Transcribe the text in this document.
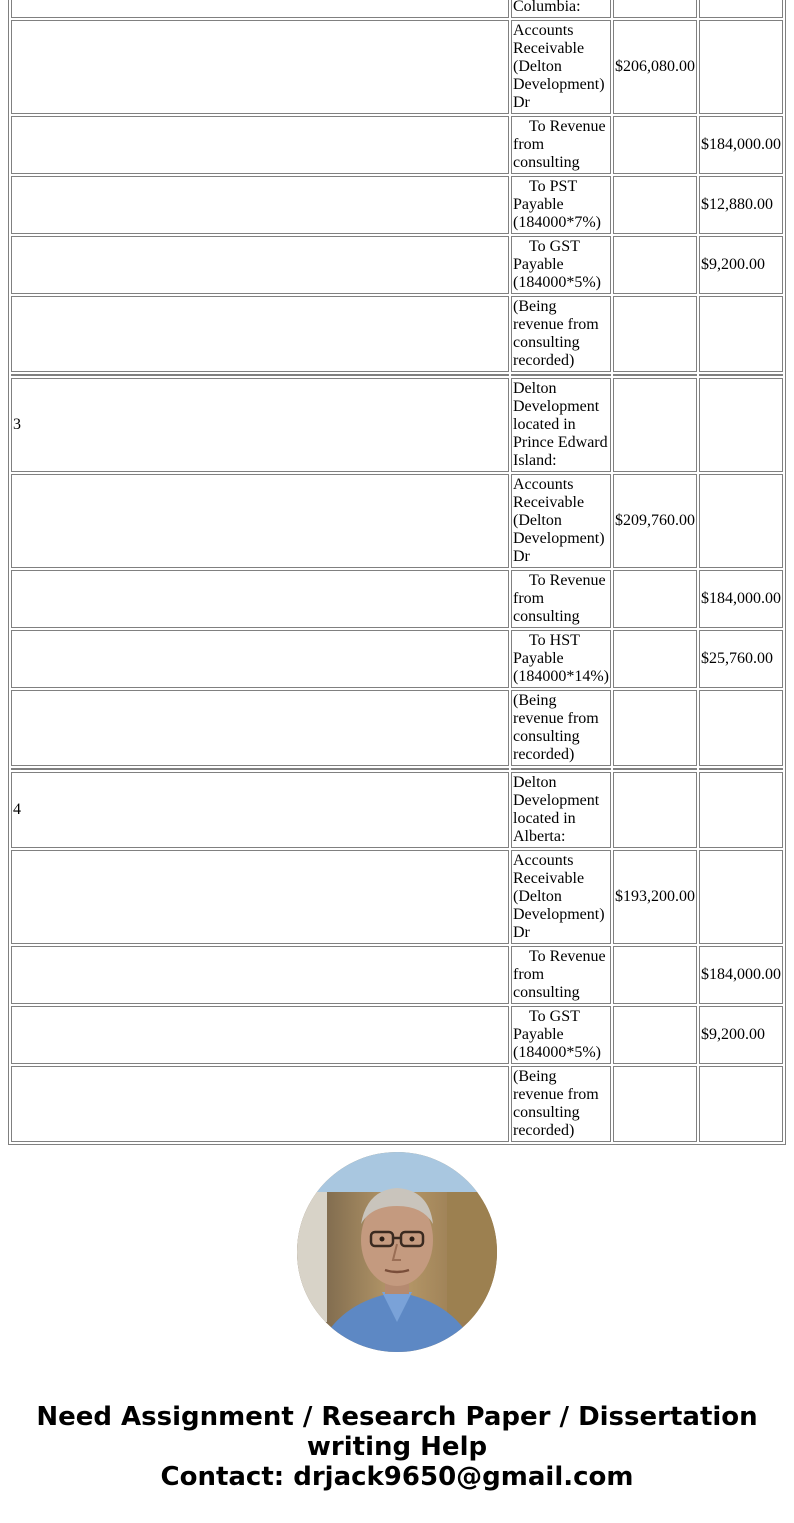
	Columbia:		
	Accounts Receivable (Delton Development) Dr	$206,080.00	
	To Revenue from consulting		$184,000.00
	To PST Payable (184000*7%)		$12,880.00
	To GST Payable (184000*5%)		$9,200.00
	(Being revenue from consulting recorded)		

3	Delton Development located in Prince Edward Island:		
	Accounts Receivable (Delton Development) Dr	$209,760.00	
	To Revenue from consulting		$184,000.00
	To HST Payable (184000*14%)		$25,760.00
	(Being revenue from consulting recorded)		

4	Delton Development located in Alberta:		
	Accounts Receivable (Delton Development) Dr	$193,200.00	
	To Revenue from consulting		$184,000.00
	To GST Payable (184000*5%)		$9,200.00
	(Being revenue from consulting recorded)		
Need Assignment / Research Paper / Dissertation writing Help
Contact: drjack9650@gmail.com
